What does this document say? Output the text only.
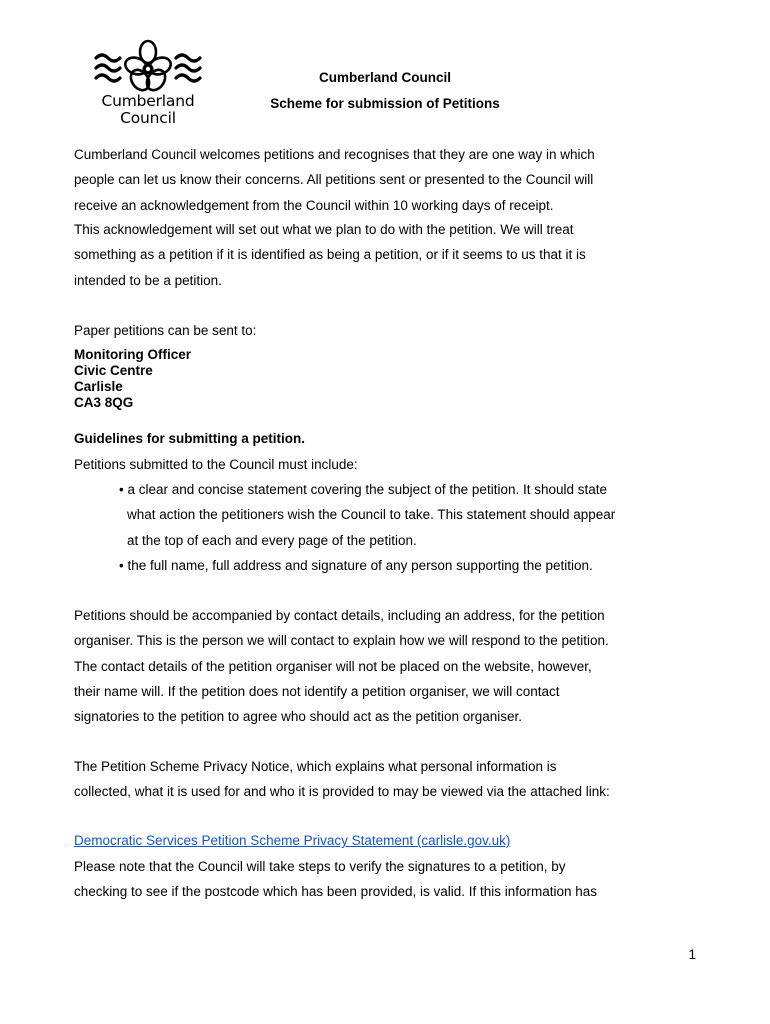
Cumberland
Council
Cumberland Council
Scheme for submission of Petitions
Cumberland Council welcomes petitions and recognises that they are one way in which
people can let us know their concerns. All petitions sent or presented to the Council will
receive an acknowledgement from the Council within 10 working days of receipt.
This acknowledgement will set out what we plan to do with the petition. We will treat
something as a petition if it is identified as being a petition, or if it seems to us that it is
intended to be a petition.
Paper petitions can be sent to:
Monitoring Officer
Civic Centre
Carlisle
CA3 8QG
Guidelines for submitting a petition.
Petitions submitted to the Council must include:
• a clear and concise statement covering the subject of the petition. It should state
what action the petitioners wish the Council to take. This statement should appear
at the top of each and every page of the petition.
• the full name, full address and signature of any person supporting the petition.
Petitions should be accompanied by contact details, including an address, for the petition
organiser. This is the person we will contact to explain how we will respond to the petition.
The contact details of the petition organiser will not be placed on the website, however,
their name will. If the petition does not identify a petition organiser, we will contact
signatories to the petition to agree who should act as the petition organiser.
The Petition Scheme Privacy Notice, which explains what personal information is
collected, what it is used for and who it is provided to may be viewed via the attached link:
Democratic Services Petition Scheme Privacy Statement (carlisle.gov.uk)
Please note that the Council will take steps to verify the signatures to a petition, by
checking to see if the postcode which has been provided, is valid. If this information has
1
